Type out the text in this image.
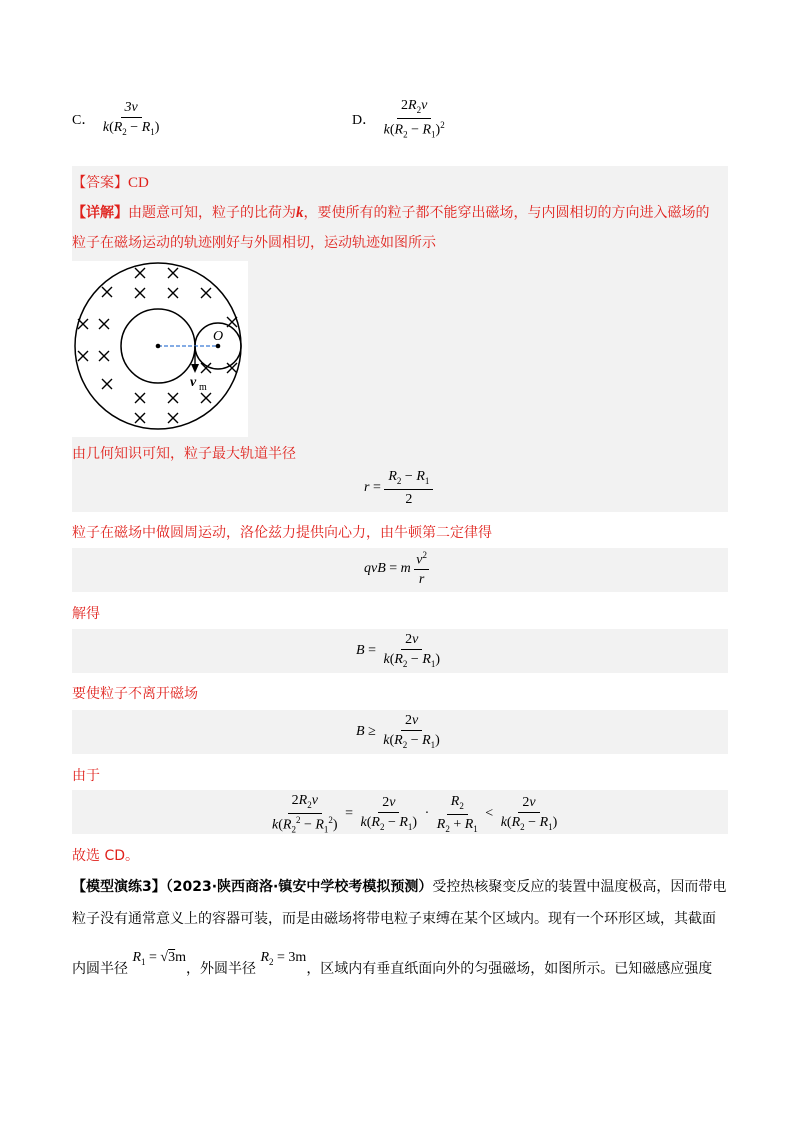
C． $\frac{3v}{k(R_2 - R_1)}$	D． $\frac{2R_2v}{k(R_2 - R_1)^2}$
【答案】CD
【详解】由题意可知，粒子的比荷为k，要使所有的粒子都不能穿出磁场，与内圆相切的方向进入磁场的
粒子在磁场运动的轨迹刚好与外圆相切，运动轨迹如图所示
O
v m
由几何知识可知，粒子最大轨道半径
$r = \frac{R_2 - R_1}{2}$
粒子在磁场中做圆周运动，洛伦兹力提供向心力，由牛顿第二定律得
qvB = m $\frac{v^2}{r}$
解得
$B = \frac{2v}{k(R_2 - R_1)}$
要使粒子不离开磁场
$B \ge \frac{2v}{k(R_2 - R_1)}$
由于
$\frac{2R_2v}{k(R_2^2 - R_1^2)} = \frac{2v}{k(R_2 - R_1)} \cdot \frac{R_2}{R_2 + R_1} < \frac{2v}{k(R_2 - R_1)}$
故选 CD。
【模型演练3】（2023·陕西商洛·镇安中学校考模拟预测）受控热核聚变反应的装置中温度极高，因而带电
粒子没有通常意义上的容器可装，而是由磁场将带电粒子束缚在某个区域内。现有一个环形区域，其截面
内圆半径 $R_1 = √3m$，外圆半径 $R_2 = 3m$，区域内有垂直纸面向外的匀强磁场，如图所示。已知磁感应强度
